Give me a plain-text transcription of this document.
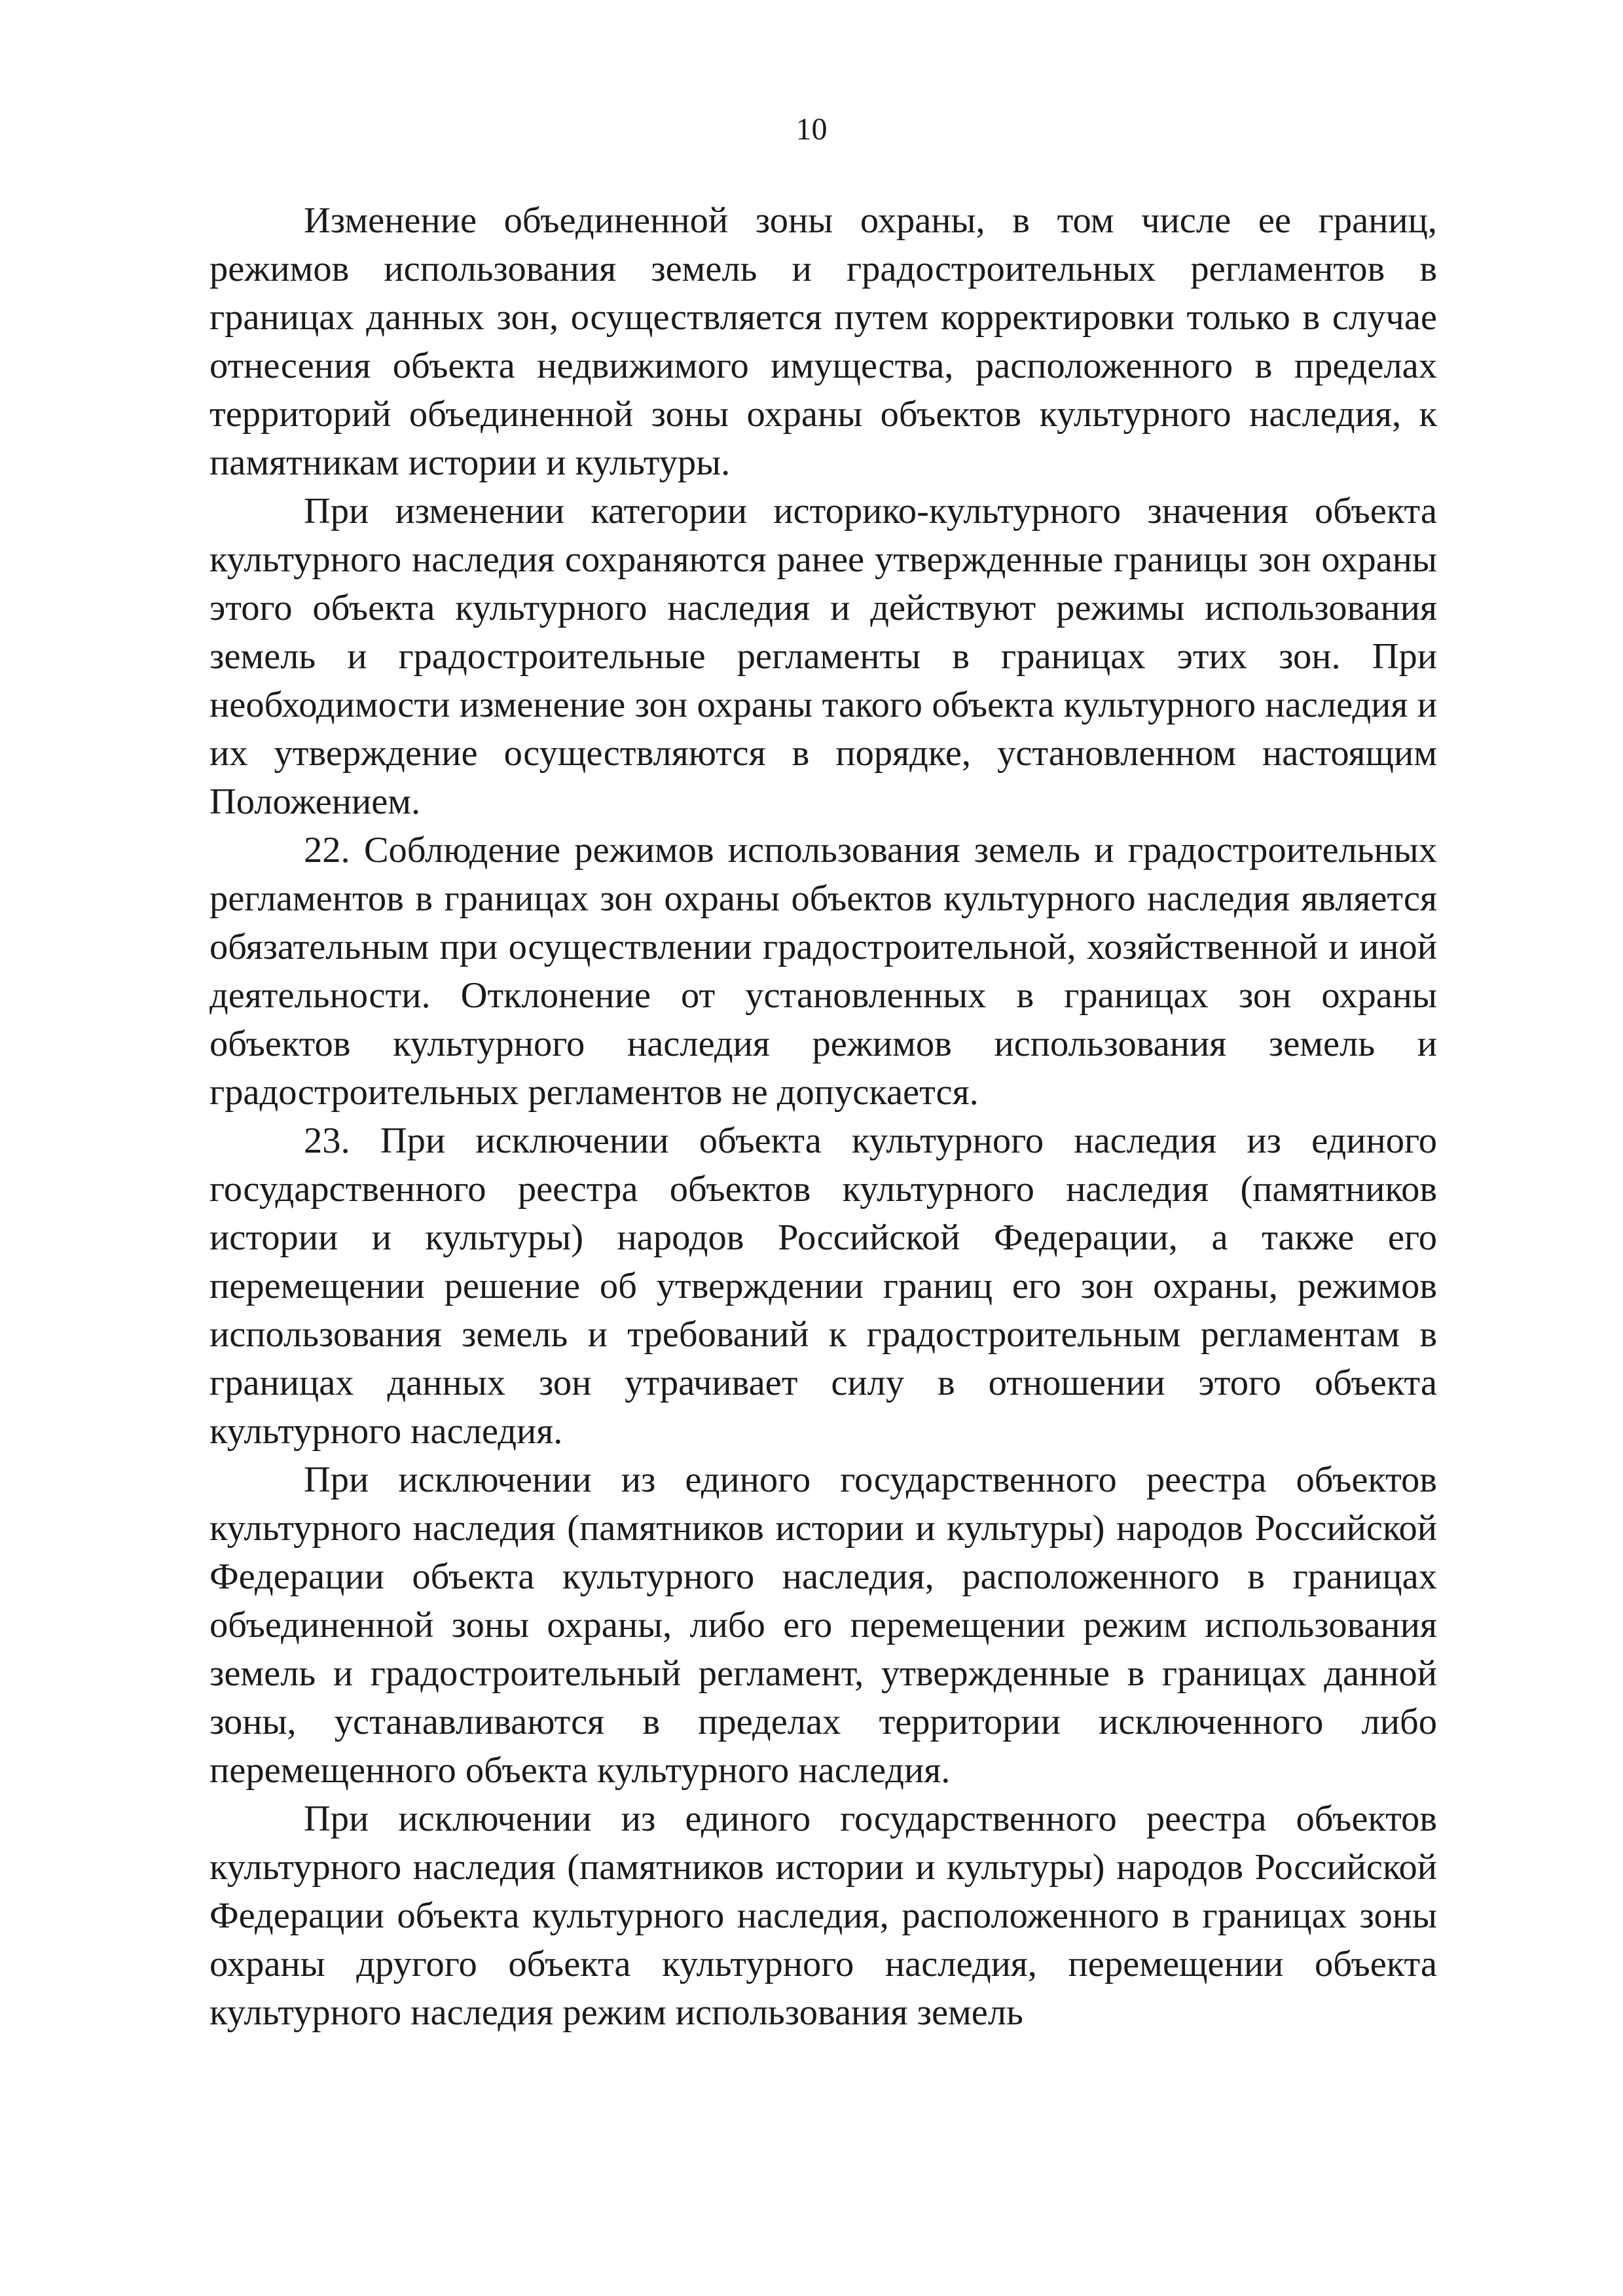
10

Изменение объединенной зоны охраны, в том числе ее границ, режимов использования земель и градостроительных регламентов в границах данных зон, осуществляется путем корректировки только в случае отнесения объекта недвижимого имущества, расположенного в пределах территорий объединенной зоны охраны объектов культурного наследия, к памятникам истории и культуры.

При изменении категории историко-культурного значения объекта культурного наследия сохраняются ранее утвержденные границы зон охраны этого объекта культурного наследия и действуют режимы использования земель и градостроительные регламенты в границах этих зон. При необходимости изменение зон охраны такого объекта культурного наследия и их утверждение осуществляются в порядке, установленном настоящим Положением.

22. Соблюдение режимов использования земель и градостроительных регламентов в границах зон охраны объектов культурного наследия является обязательным при осуществлении градостроительной, хозяйственной и иной деятельности. Отклонение от установленных в границах зон охраны объектов культурного наследия режимов использования земель и градостроительных регламентов не допускается.

23. При исключении объекта культурного наследия из единого государственного реестра объектов культурного наследия (памятников истории и культуры) народов Российской Федерации, а также его перемещении решение об утверждении границ его зон охраны, режимов использования земель и требований к градостроительным регламентам в границах данных зон утрачивает силу в отношении этого объекта культурного наследия.

При исключении из единого государственного реестра объектов культурного наследия (памятников истории и культуры) народов Российской Федерации объекта культурного наследия, расположенного в границах объединенной зоны охраны, либо его перемещении режим использования земель и градостроительный регламент, утвержденные в границах данной зоны, устанавливаются в пределах территории исключенного либо перемещенного объекта культурного наследия.

При исключении из единого государственного реестра объектов культурного наследия (памятников истории и культуры) народов Российской Федерации объекта культурного наследия, расположенного в границах зоны охраны другого объекта культурного наследия, перемещении объекта культурного наследия режим использования земель
